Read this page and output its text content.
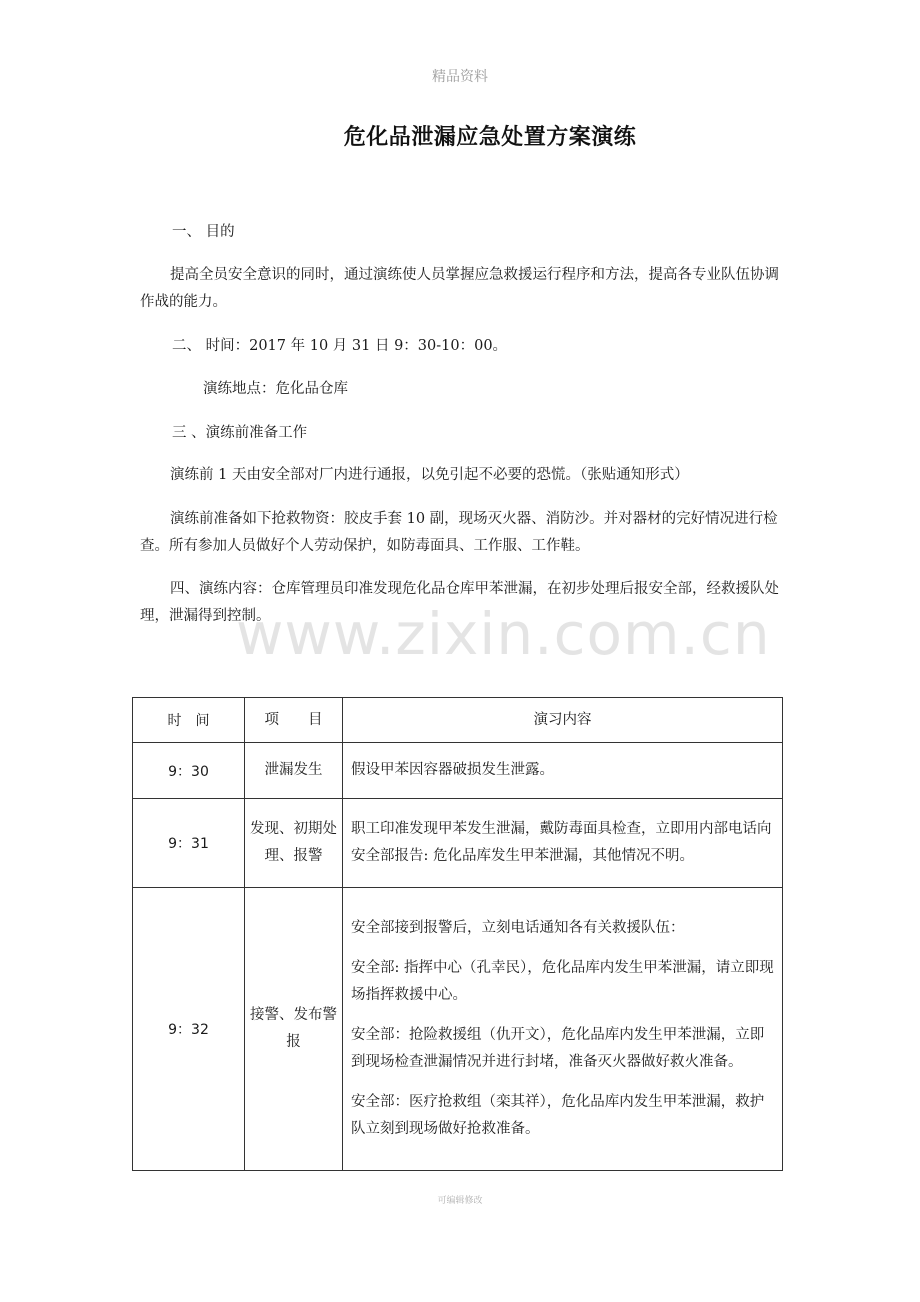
精品资料
危化品泄漏应急处置方案演练

一、 目的

提高全员安全意识的同时，通过演练使人员掌握应急救援运行程序和方法，提高各专业队伍协调作战的能力。

二、 时间：2017 年 10 月 31 日 9：30-10：00。

演练地点：危化品仓库

三 、演练前准备工作

演练前 1 天由安全部对厂内进行通报，以免引起不必要的恐慌。（张贴通知形式）

演练前准备如下抢救物资：胶皮手套 10 副，现场灭火器、消防沙。并对器材的完好情况进行检查。所有参加人员做好个人劳动保护，如防毒面具、工作服、工作鞋。

四、演练内容：仓库管理员印准发现危化品仓库甲苯泄漏，在初步处理后报安全部，经救援队处理，泄漏得到控制。

www.zixin.com.cn
时　间	项　　目	演习内容
9：30	泄漏发生	假设甲苯因容器破损发生泄露。

9：31	发现、初期处理、报警	职工印准发现甲苯发生泄漏，戴防毒面具检查，立即用内部电话向安全部报告: 危化品库发生甲苯泄漏，其他情况不明。

9：32	接警、发布警报	安全部接到报警后，立刻电话通知各有关救援队伍：

安全部: 指挥中心（孔幸民），危化品库内发生甲苯泄漏，请立即现场指挥救援中心。

安全部：抢险救援组（仇开文），危化品库内发生甲苯泄漏，立即到现场检查泄漏情况并进行封堵，准备灭火器做好救火准备。

安全部：医疗抢救组（栾其祥），危化品库内发生甲苯泄漏，救护队立刻到现场做好抢救准备。

可编辑修改
